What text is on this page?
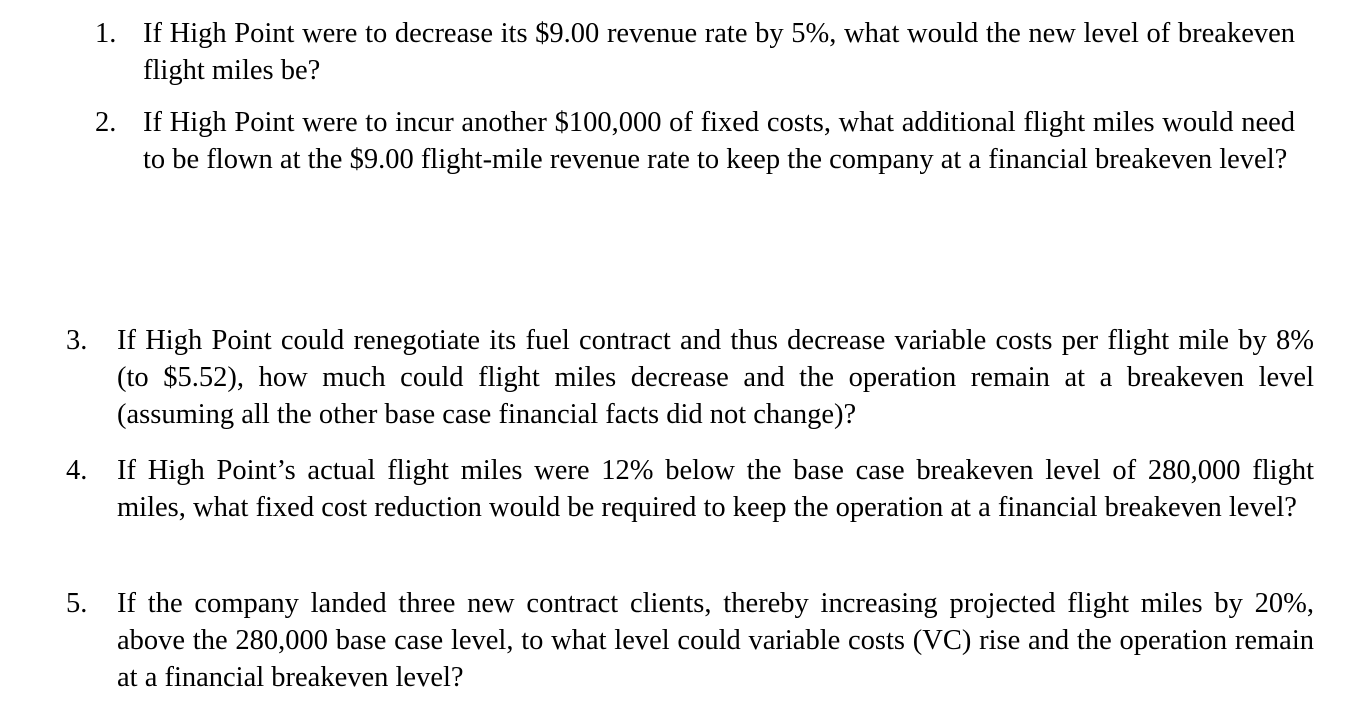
1. If High Point were to decrease its $9.00 revenue rate by 5%, what would the new level of breakeven flight miles be?
2. If High Point were to incur another $100,000 of fixed costs, what additional flight miles would need to be flown at the $9.00 flight-mile revenue rate to keep the company at a financial breakeven level?
3.	If High Point could renegotiate its fuel contract and thus decrease variable costs per flight mile by 8% (to $5.52), how much could flight miles decrease and the operation remain at a breakeven level (assuming all the other base case financial facts did not change)?
4.	If High Point’s actual flight miles were 12% below the base case breakeven level of 280,000 flight miles, what fixed cost reduction would be required to keep the operation at a financial breakeven level?
5.	If the company landed three new contract clients, thereby increasing projected flight miles by 20%, above the 280,000 base case level, to what level could variable costs (VC) rise and the operation remain at a financial breakeven level?
